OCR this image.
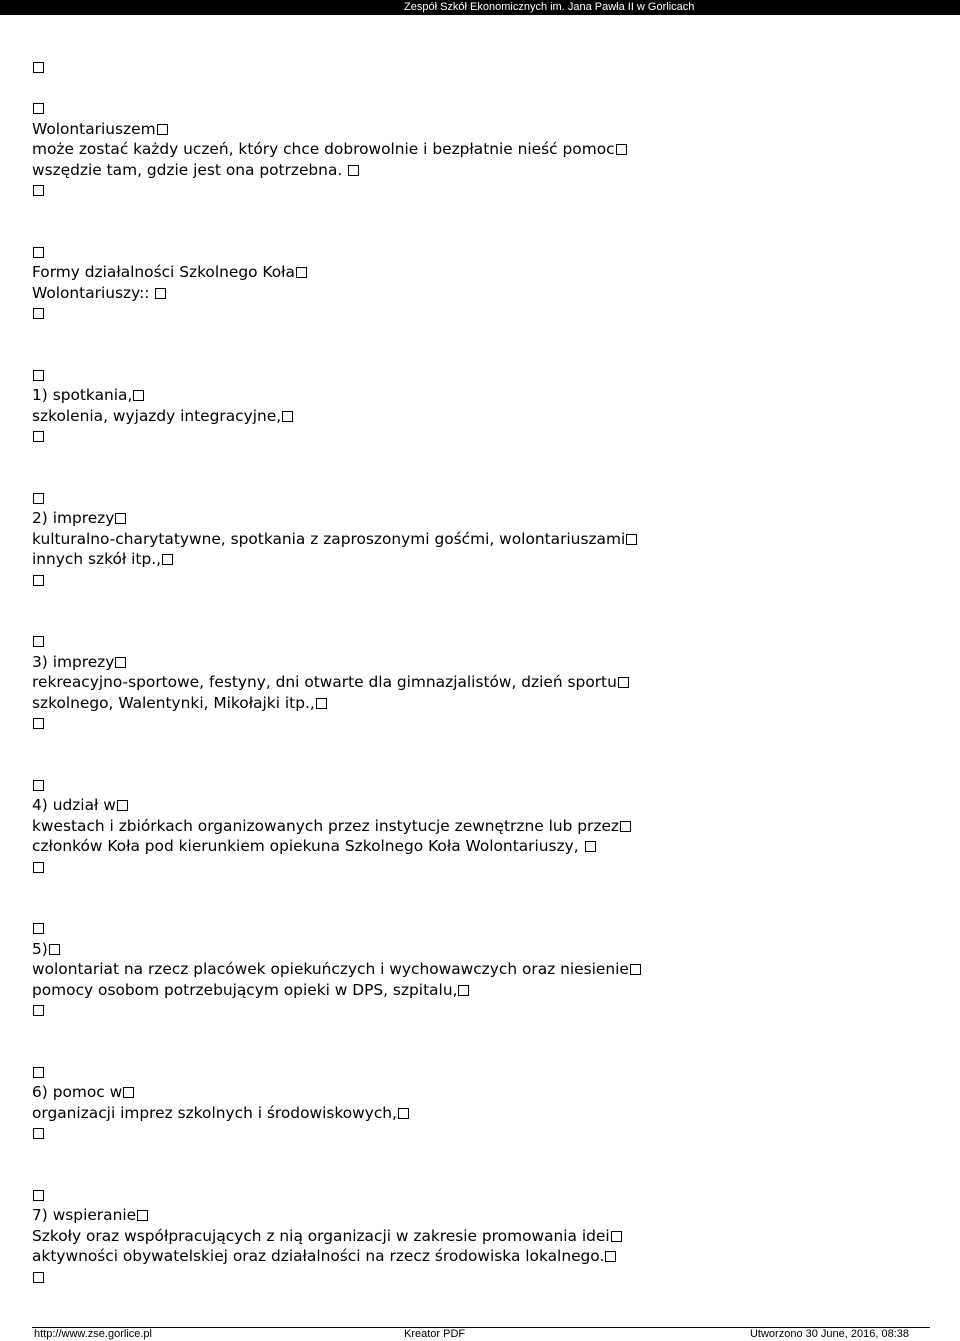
Zespół Szkół Ekonomicznych im. Jana Pawła II w Gorlicach
Wolontariuszem
może zostać każdy uczeń, który chce dobrowolnie i bezpłatnie nieść pomoc
wszędzie tam, gdzie jest ona potrzebna.
Formy działalności Szkolnego Koła
Wolontariuszy::
1) spotkania,
szkolenia, wyjazdy integracyjne,
2) imprezy
kulturalno-charytatywne, spotkania z zaproszonymi gośćmi, wolontariuszami
innych szkół itp.,
3) imprezy
rekreacyjno-sportowe, festyny, dni otwarte dla gimnazjalistów, dzień sportu
szkolnego, Walentynki, Mikołajki itp.,
4) udział w
kwestach i zbiórkach organizowanych przez instytucje zewnętrzne lub przez
członków Koła pod kierunkiem opiekuna Szkolnego Koła Wolontariuszy,
5)
wolontariat na rzecz placówek opiekuńczych i wychowawczych oraz niesienie
pomocy osobom potrzebującym opieki w DPS, szpitalu,
6) pomoc w
organizacji imprez szkolnych i środowiskowych,
7) wspieranie
Szkoły oraz współpracujących z nią organizacji w zakresie promowania idei
aktywności obywatelskiej oraz działalności na rzecz środowiska lokalnego.
http://www.zse.gorlice.pl	Kreator PDF	Utworzono 30 June, 2016, 08:38
